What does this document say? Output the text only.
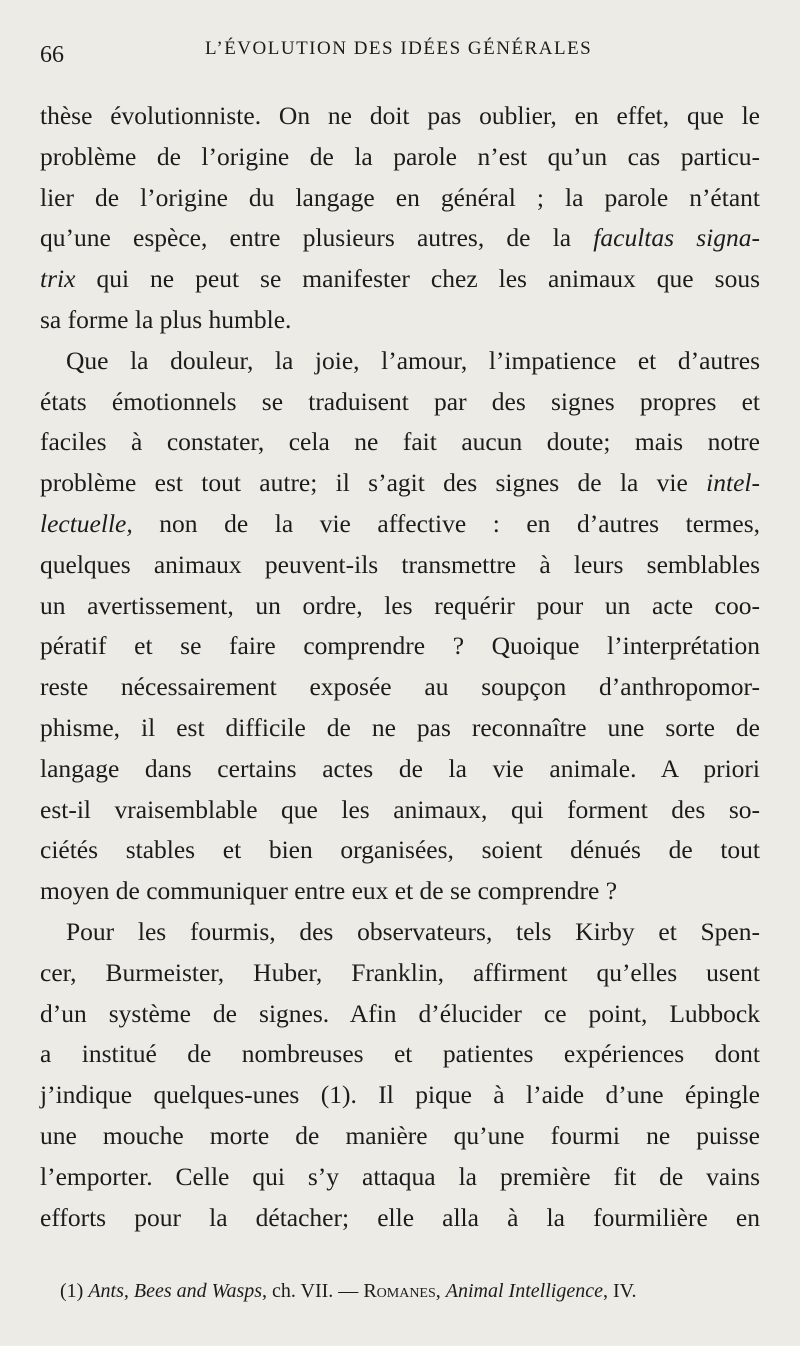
66	L’ÉVOLUTION DES IDÉES GÉNÉRALES
thèse évolutionniste. On ne doit pas oublier, en effet, que le
problème de l’origine de la parole n’est qu’un cas particu-
lier de l’origine du langage en général ; la parole n’étant
qu’une espèce, entre plusieurs autres, de la facultas signa-
trix qui ne peut se manifester chez les animaux que sous
sa forme la plus humble.
Que la douleur, la joie, l’amour, l’impatience et d’autres
états émotionnels se traduisent par des signes propres et
faciles à constater, cela ne fait aucun doute; mais notre
problème est tout autre; il s’agit des signes de la vie intel-
lectuelle, non de la vie affective : en d’autres termes,
quelques animaux peuvent-ils transmettre à leurs semblables
un avertissement, un ordre, les requérir pour un acte coo-
pératif et se faire comprendre ? Quoique l’interprétation
reste nécessairement exposée au soupçon d’anthropomor-
phisme, il est difficile de ne pas reconnaître une sorte de
langage dans certains actes de la vie animale. A priori
est-il vraisemblable que les animaux, qui forment des so-
ciétés stables et bien organisées, soient dénués de tout
moyen de communiquer entre eux et de se comprendre ?
Pour les fourmis, des observateurs, tels Kirby et Spen-
cer, Burmeister, Huber, Franklin, affirment qu’elles usent
d’un système de signes. Afin d’élucider ce point, Lubbock
a institué de nombreuses et patientes expériences dont
j’indique quelques-unes (1). Il pique à l’aide d’une épingle
une mouche morte de manière qu’une fourmi ne puisse
l’emporter. Celle qui s’y attaqua la première fit de vains
efforts pour la détacher; elle alla à la fourmilière en
(1) Ants, Bees and Wasps, ch. VII. — Romanes, Animal Intelligence, IV.
